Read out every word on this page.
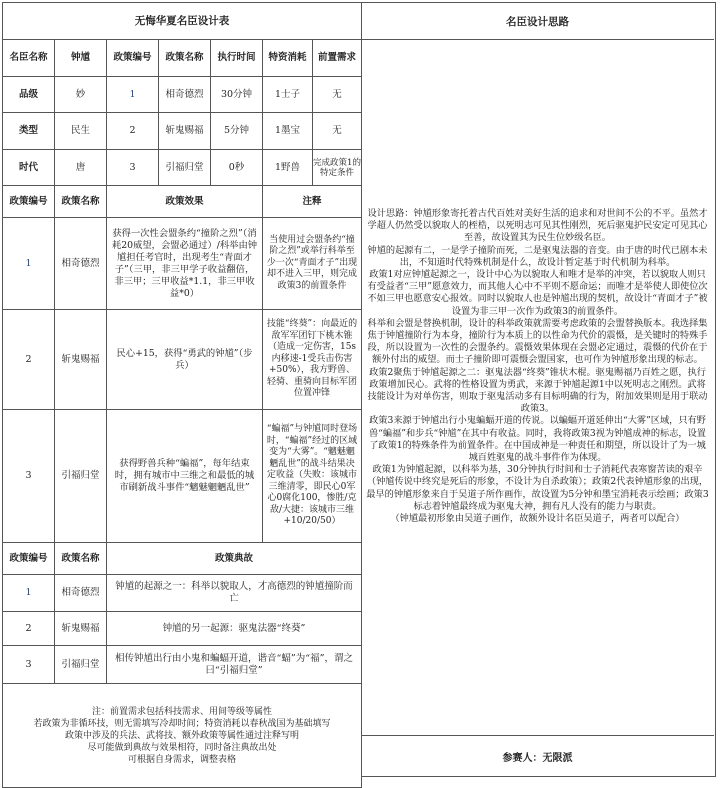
无悔华夏名臣设计表						
名臣名称	钟馗	政策编号	政策名称	执行时间	特资消耗	前置需求
品级	妙	1	相奇德烈	30分钟	1士子	无
类型	民生	2	斩鬼赐福	5分钟	1墨宝	无
时代	唐	3	引福归堂	0秒	1野兽	完成政策1的特定条件
政策编号	政策名称	政策效果			注释	
1	相奇德烈	获得一次性会盟条约“撞阶之烈”（消耗20威望，会盟必通过）/科举由钟馗担任考官时，出现考生“青面才子”（三甲，非三甲学子收益翻倍，非三甲；三甲收益*1.1，非三甲收益*0）			当使用过会盟条约“撞阶之烈”或举行科举至少一次“青面才子”出现却不进入三甲，则完成政策3的前置条件	
2	斩鬼赐福	民心+15，获得“勇武的钟馗”（步兵）			技能“终葵”：向最近的敌军军团钉下桃木锥（造成一定伤害，15s内移速-1受兵击伤害+50%），我方野兽、轻骑、重骑向目标军团位置冲锋	
3	引福归堂	获得野兽兵种“蝙福”，每年结束时，拥有城市中三维之和最低的城市刷新战斗事件“魑魅魍魉乱世”			“蝙福”与钟馗同时登场时，“蝙福”经过的区域变为“大雾”。“魑魅魍魉乱世”的战斗结果决定收益（失败：该城市三维清零，即民心0军心0腐化100，惨胜/克敌/大捷：该城市三维+10/20/50）	
政策编号	政策名称	政策典故				
1	相奇德烈	钟馗的起源之一：科举以貌取人，才高德烈的钟馗撞阶而亡				
2	斩鬼赐福	钟馗的另一起源：驱鬼法器“终葵”				
3	引福归堂	相传钟馗出行由小鬼和蝙蝠开道，谐音“蝠”为“福”，谓之曰“引福归堂”				

注：前置需求包括科技需求、用间等级等属性
若政策为非循环技，则无需填写冷却时间；特资消耗以春秋战国为基础填写
政策中涉及的兵法、武将技、额外政策等属性通过注释写明
尽可能做到典故与效果相符，同时备注典故出处
可根据自身需求，调整表格						
名臣设计思路

设计思路：钟馗形象寄托着古代百姓对美好生活的追求和对世间不公的不平。虽然才学超人仍然受以貌取人的桎梏，以死明志可见其性刚烈，死后驱鬼护民安定可见其心至善，故设置其为民生位妙级名臣。

钟馗的起源有二，一是学子撞阶而死，二是驱鬼法器的音变。由于唐的时代已剧本未出，不知道时代特殊机制是什么，故设计暂定基于时代机制为科举。

政策1对应钟馗起源之一，设计中心为以貌取人和唯才是举的冲突，若以貌取人则只有受益者“三甲”愿意效力，而其他人心中不平则不愿命运；而唯才是举使人即使位次不如三甲也愿意安心报效。同时以貌取人也是钟馗出现的契机，故设计“青面才子”被设置为非三甲一次作为政策3的前置条件。

科举和会盟是替换机制，设计的科举政策就需要考虑政策的会盟替换版本。我选择集焦于钟馗撞阶行为本身，撞阶行为本质上的以性命为代价的震慑，是关键时的特殊手段，所以设置为一次性的会盟条约。震慑效果体现在会盟必定通过，震慑的代价在于额外付出的威望。而士子撞阶即可震慑会盟国家，也可作为钟馗形象出现的标志。

政策2聚焦于钟馗起源之二：驱鬼法器“终葵”锥状木棍。驱鬼赐福乃百姓之愿，执行政策增加民心。武将的性格设置为勇武，来源于钟馗起源1中以死明志之刚烈。武将技能设计为对单伤害，则取于驱鬼活动多有目标明确的行为，附加效果则是用于联动政策3。

政策3来源于钟馗出行小鬼蝙蝠开道的传说。以蝙蝠开道延伸出“大雾”区域，只有野兽“蝙福”和步兵“钟馗”在其中有收益。同时，我将政策3视为钟馗成神的标志，设置了政策1的特殊条件为前置条件。在中国成神是一种责任和期望，所以设计了为一城城百姓驱鬼的战斗事件作为体现。

政策1为钟馗起源，以科举为基，30分钟执行时间和士子消耗代表寒窗苦读的艰辛（钟馗传说中终究是死后的形象，不设计为自杀政策）；政策2代表钟馗形象的出现，最早的钟馗形象来自于吴道子所作画作，故设置为5分钟和墨宝消耗表示绘画；政策3标志着钟馗最终成为驱鬼大神，拥有凡人没有的能力与职责。

（钟馗最初形象由吴道子画作，故额外设计名臣吴道子，两者可以配合）

参赛人：无限派
